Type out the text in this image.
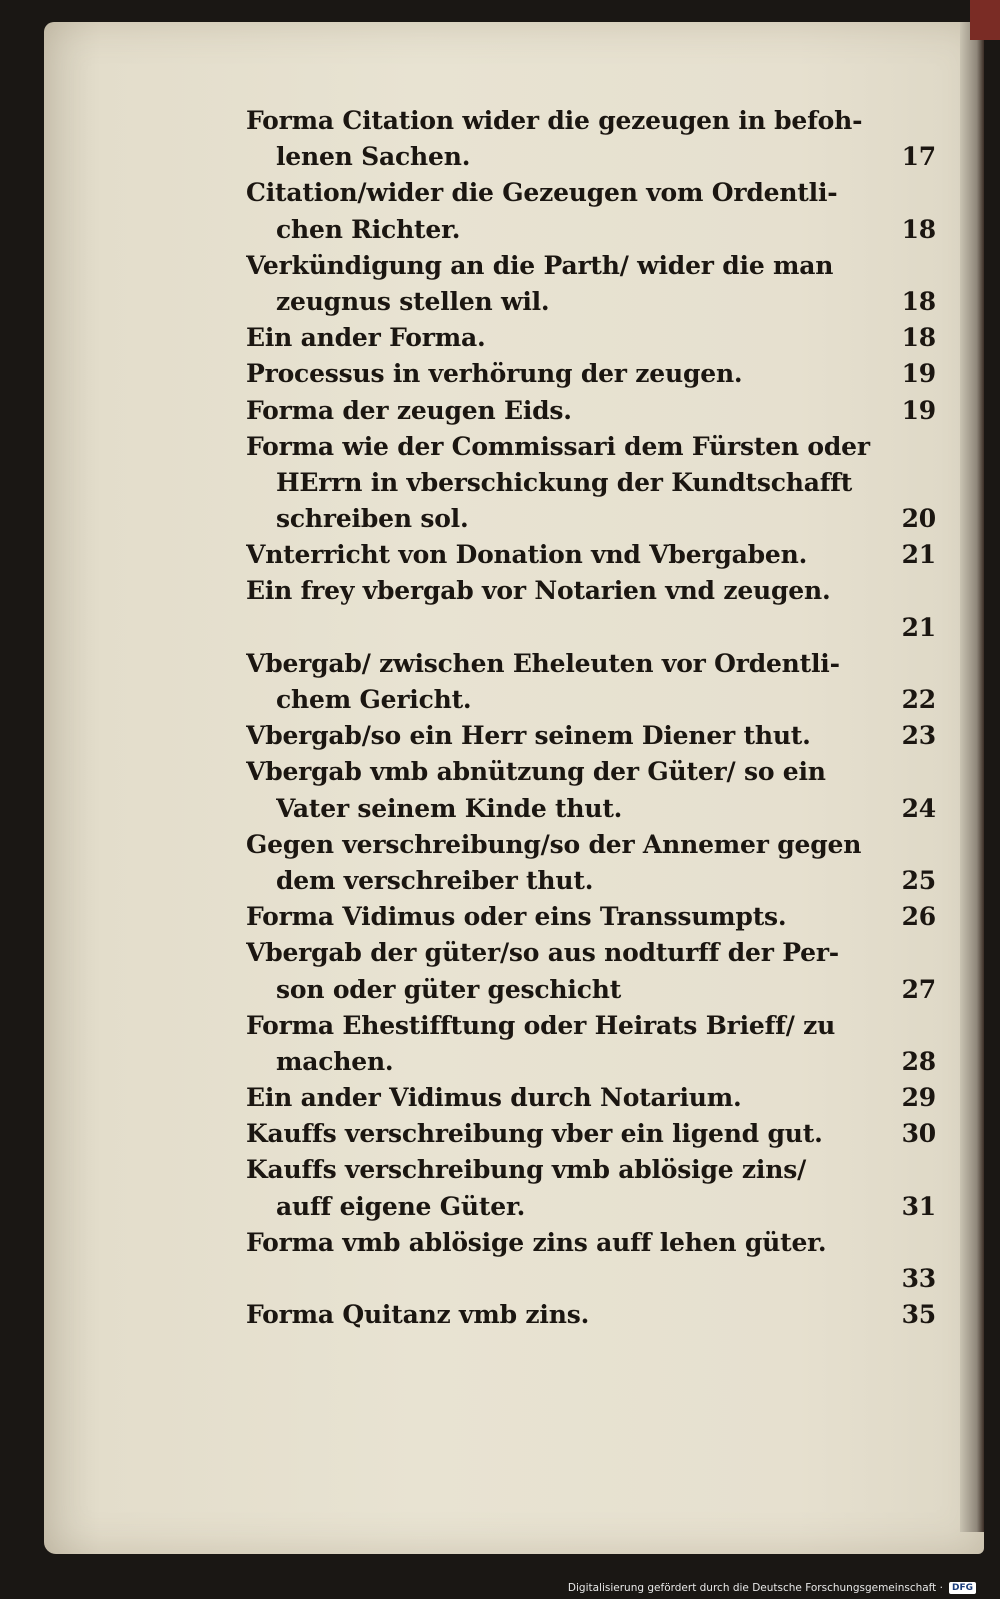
Forma Citation wider die gezeugen in befoh-
lenen Sachen.	17
Citation/wider die Gezeugen vom Ordentli-
chen Richter.	18
Verkündigung an die Parth/ wider die man
zeugnus stellen wil.	18
Ein ander Forma.	18
Processus in verhörung der zeugen.	19
Forma der zeugen Eids.	19
Forma wie der Commissari dem Fürsten oder
HErrn in vberschickung der Kundtschafft
schreiben sol.	20
Vnterricht von Donation vnd Vbergaben.	21
Ein frey vbergab vor Notarien vnd zeugen.
21
Vbergab/ zwischen Eheleuten vor Ordentli-
chem Gericht.	22
Vbergab/so ein Herr seinem Diener thut.	23
Vbergab vmb abnützung der Güter/ so ein
Vater seinem Kinde thut.	24
Gegen verschreibung/so der Annemer gegen
dem verschreiber thut.	25
Forma Vidimus oder eins Transsumpts.	26
Vbergab der güter/so aus nodturff der Per-
son oder güter geschicht	27
Forma Ehestifftung oder Heirats Brieff/ zu
machen.	28
Ein ander Vidimus durch Notarium.	29
Kauffs verschreibung vber ein ligend gut.	30
Kauffs verschreibung vmb ablösige zins/
auff eigene Güter.	31
Forma vmb ablösige zins auff lehen güter.
33
Forma Quitanz vmb zins.	35
Digitalisierung gefördert durch die Deutsche Forschungsgemeinschaft ·	DFG
